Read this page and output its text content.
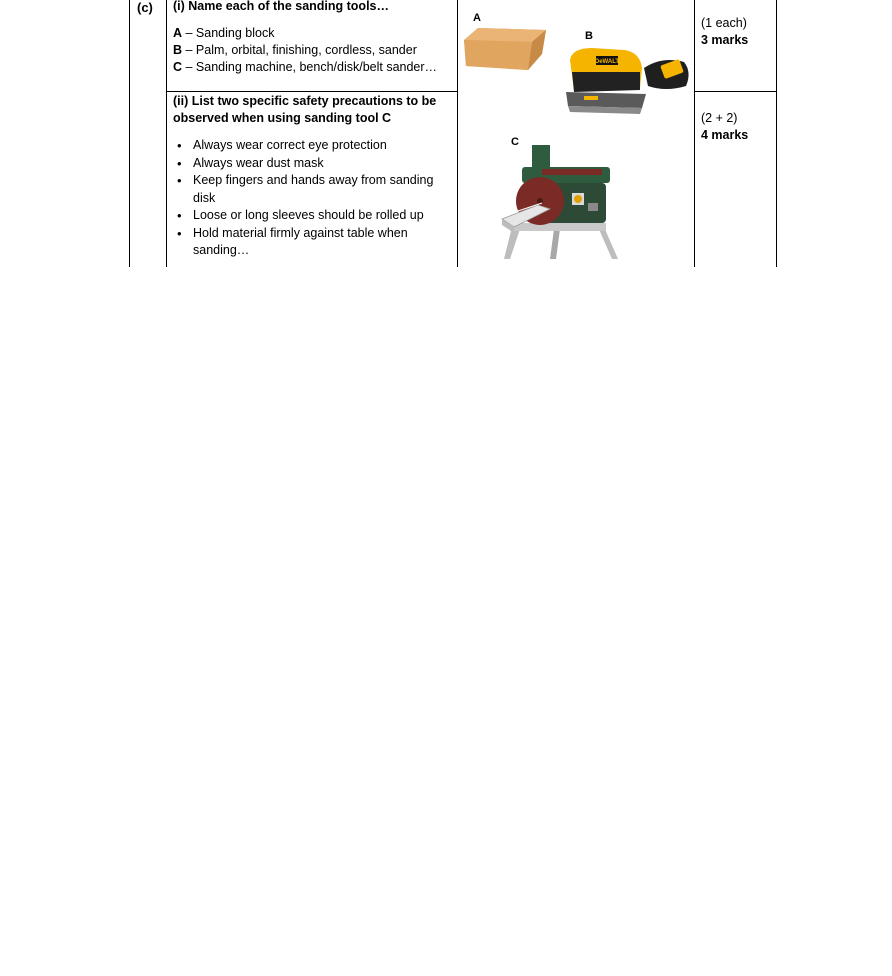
(c) (i) Name each of the sanding tools…
A – Sanding block
B – Palm, orbital, finishing, cordless, sander
C – Sanding machine, bench/disk/belt sander…
(ii) List two specific safety precautions to be observed when using sanding tool C
• Always wear correct eye protection
• Always wear dust mask
• Keep fingers and hands away from sanding disk
• Loose or long sleeves should be rolled up
• Hold material firmly against table when sanding…
(1 each)
3 marks
(2 + 2)
4 marks
A
B
C
DeWALT
